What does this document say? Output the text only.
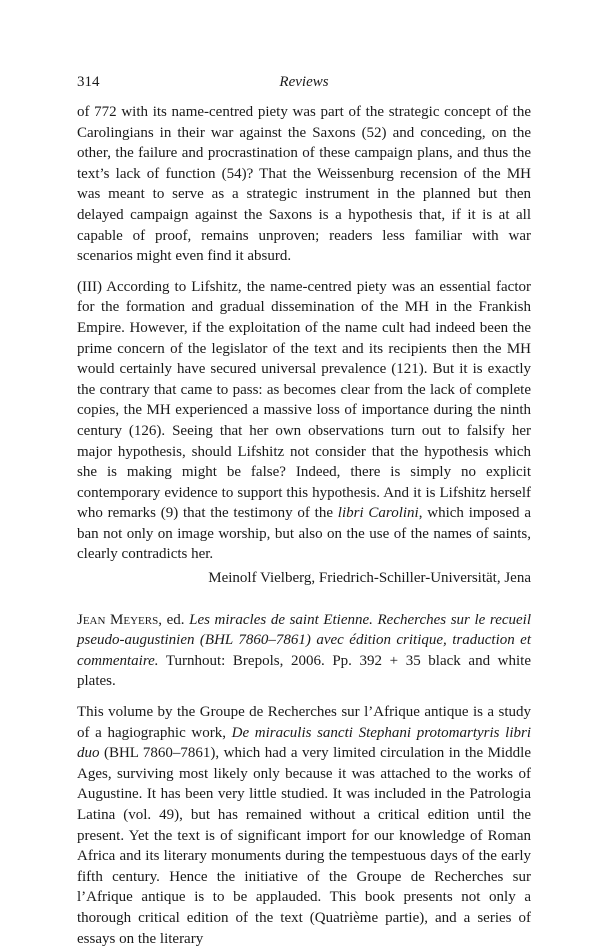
314	Reviews

of 772 with its name-centred piety was part of the strategic concept of the Carolingians in their war against the Saxons (52) and conceding, on the other, the failure and procrastination of these campaign plans, and thus the text’s lack of function (54)? That the Weissenburg recension of the MH was meant to serve as a strategic instrument in the planned but then delayed campaign against the Saxons is a hypothesis that, if it is at all capable of proof, remains unproven; readers less familiar with war scenarios might even find it absurd.

(III) According to Lifshitz, the name-centred piety was an essential factor for the formation and gradual dissemination of the MH in the Frankish Empire. However, if the exploitation of the name cult had indeed been the prime concern of the legislator of the text and its recipients then the MH would certainly have secured universal prevalence (121). But it is exactly the contrary that came to pass: as becomes clear from the lack of complete copies, the MH experienced a massive loss of importance during the ninth century (126). Seeing that her own observations turn out to falsify her major hypothesis, should Lifshitz not consider that the hypothesis which she is making might be false? Indeed, there is simply no explicit contemporary evidence to support this hypothesis. And it is Lifshitz herself who remarks (9) that the testimony of the libri Carolini, which imposed a ban not only on image worship, but also on the use of the names of saints, clearly contradicts her.

Meinolf Vielberg, Friedrich-Schiller-Universität, Jena

Jean Meyers, ed. Les miracles de saint Etienne. Recherches sur le recueil pseudo-augustinien (BHL 7860–7861) avec édition critique, traduction et commentaire. Turnhout: Brepols, 2006. Pp. 392 + 35 black and white plates.

This volume by the Groupe de Recherches sur l’Afrique antique is a study of a hagiographic work, De miraculis sancti Stephani protomartyris libri duo (BHL 7860–7861), which had a very limited circulation in the Middle Ages, surviving most likely only because it was attached to the works of Augustine. It has been very little studied. It was included in the Patrologia Latina (vol. 49), but has remained without a critical edition until the present. Yet the text is of significant import for our knowledge of Roman Africa and its literary monuments during the tempestuous days of the early fifth century. Hence the initiative of the Groupe de Recherches sur l’Afrique antique is to be applauded. This book presents not only a thorough critical edition of the text (Quatrième partie), and a series of essays on the literary
